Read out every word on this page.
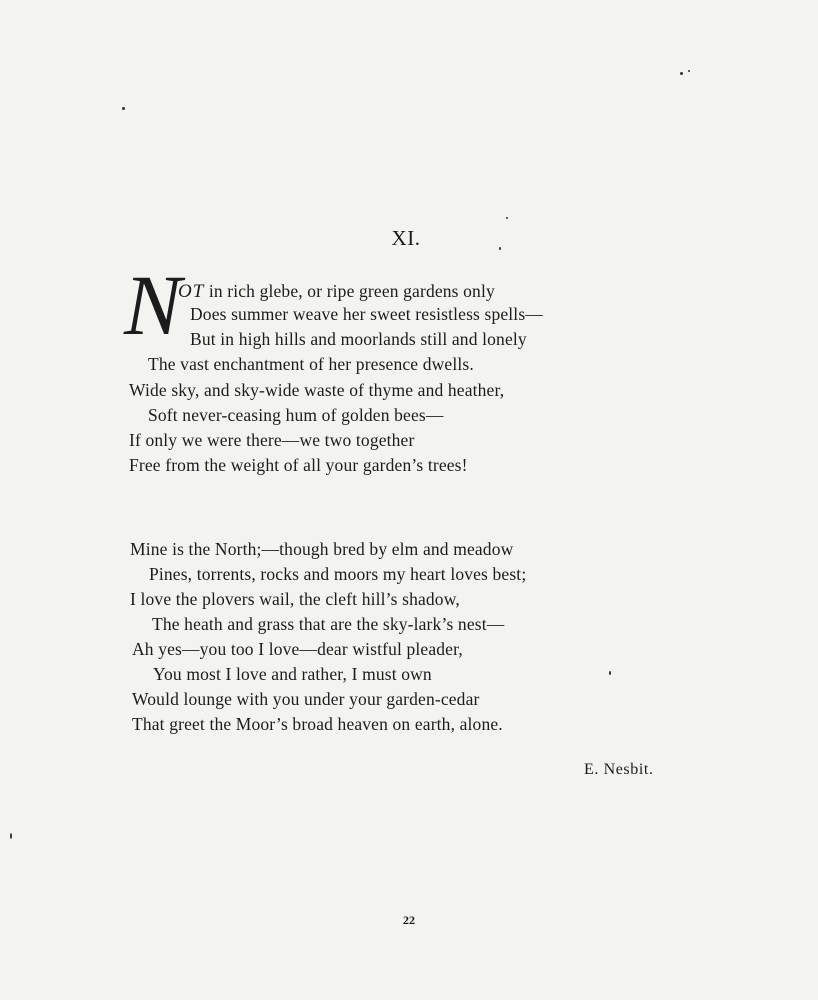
XI.
N
OT in rich glebe, or ripe green gardens only
Does summer weave her sweet resistless spells—
But in high hills and moorlands still and lonely
The vast enchantment of her presence dwells.
Wide sky, and sky-wide waste of thyme and heather,
Soft never-ceasing hum of golden bees—
If only we were there—we two together
Free from the weight of all your garden’s trees!
Mine is the North;—though bred by elm and meadow
Pines, torrents, rocks and moors my heart loves best;
I love the plovers wail, the cleft hill’s shadow,
The heath and grass that are the sky-lark’s nest—
Ah yes—you too I love—dear wistful pleader,
You most I love and rather, I must own
Would lounge with you under your garden-cedar
That greet the Moor’s broad heaven on earth, alone.
E. Nesbit.
22
